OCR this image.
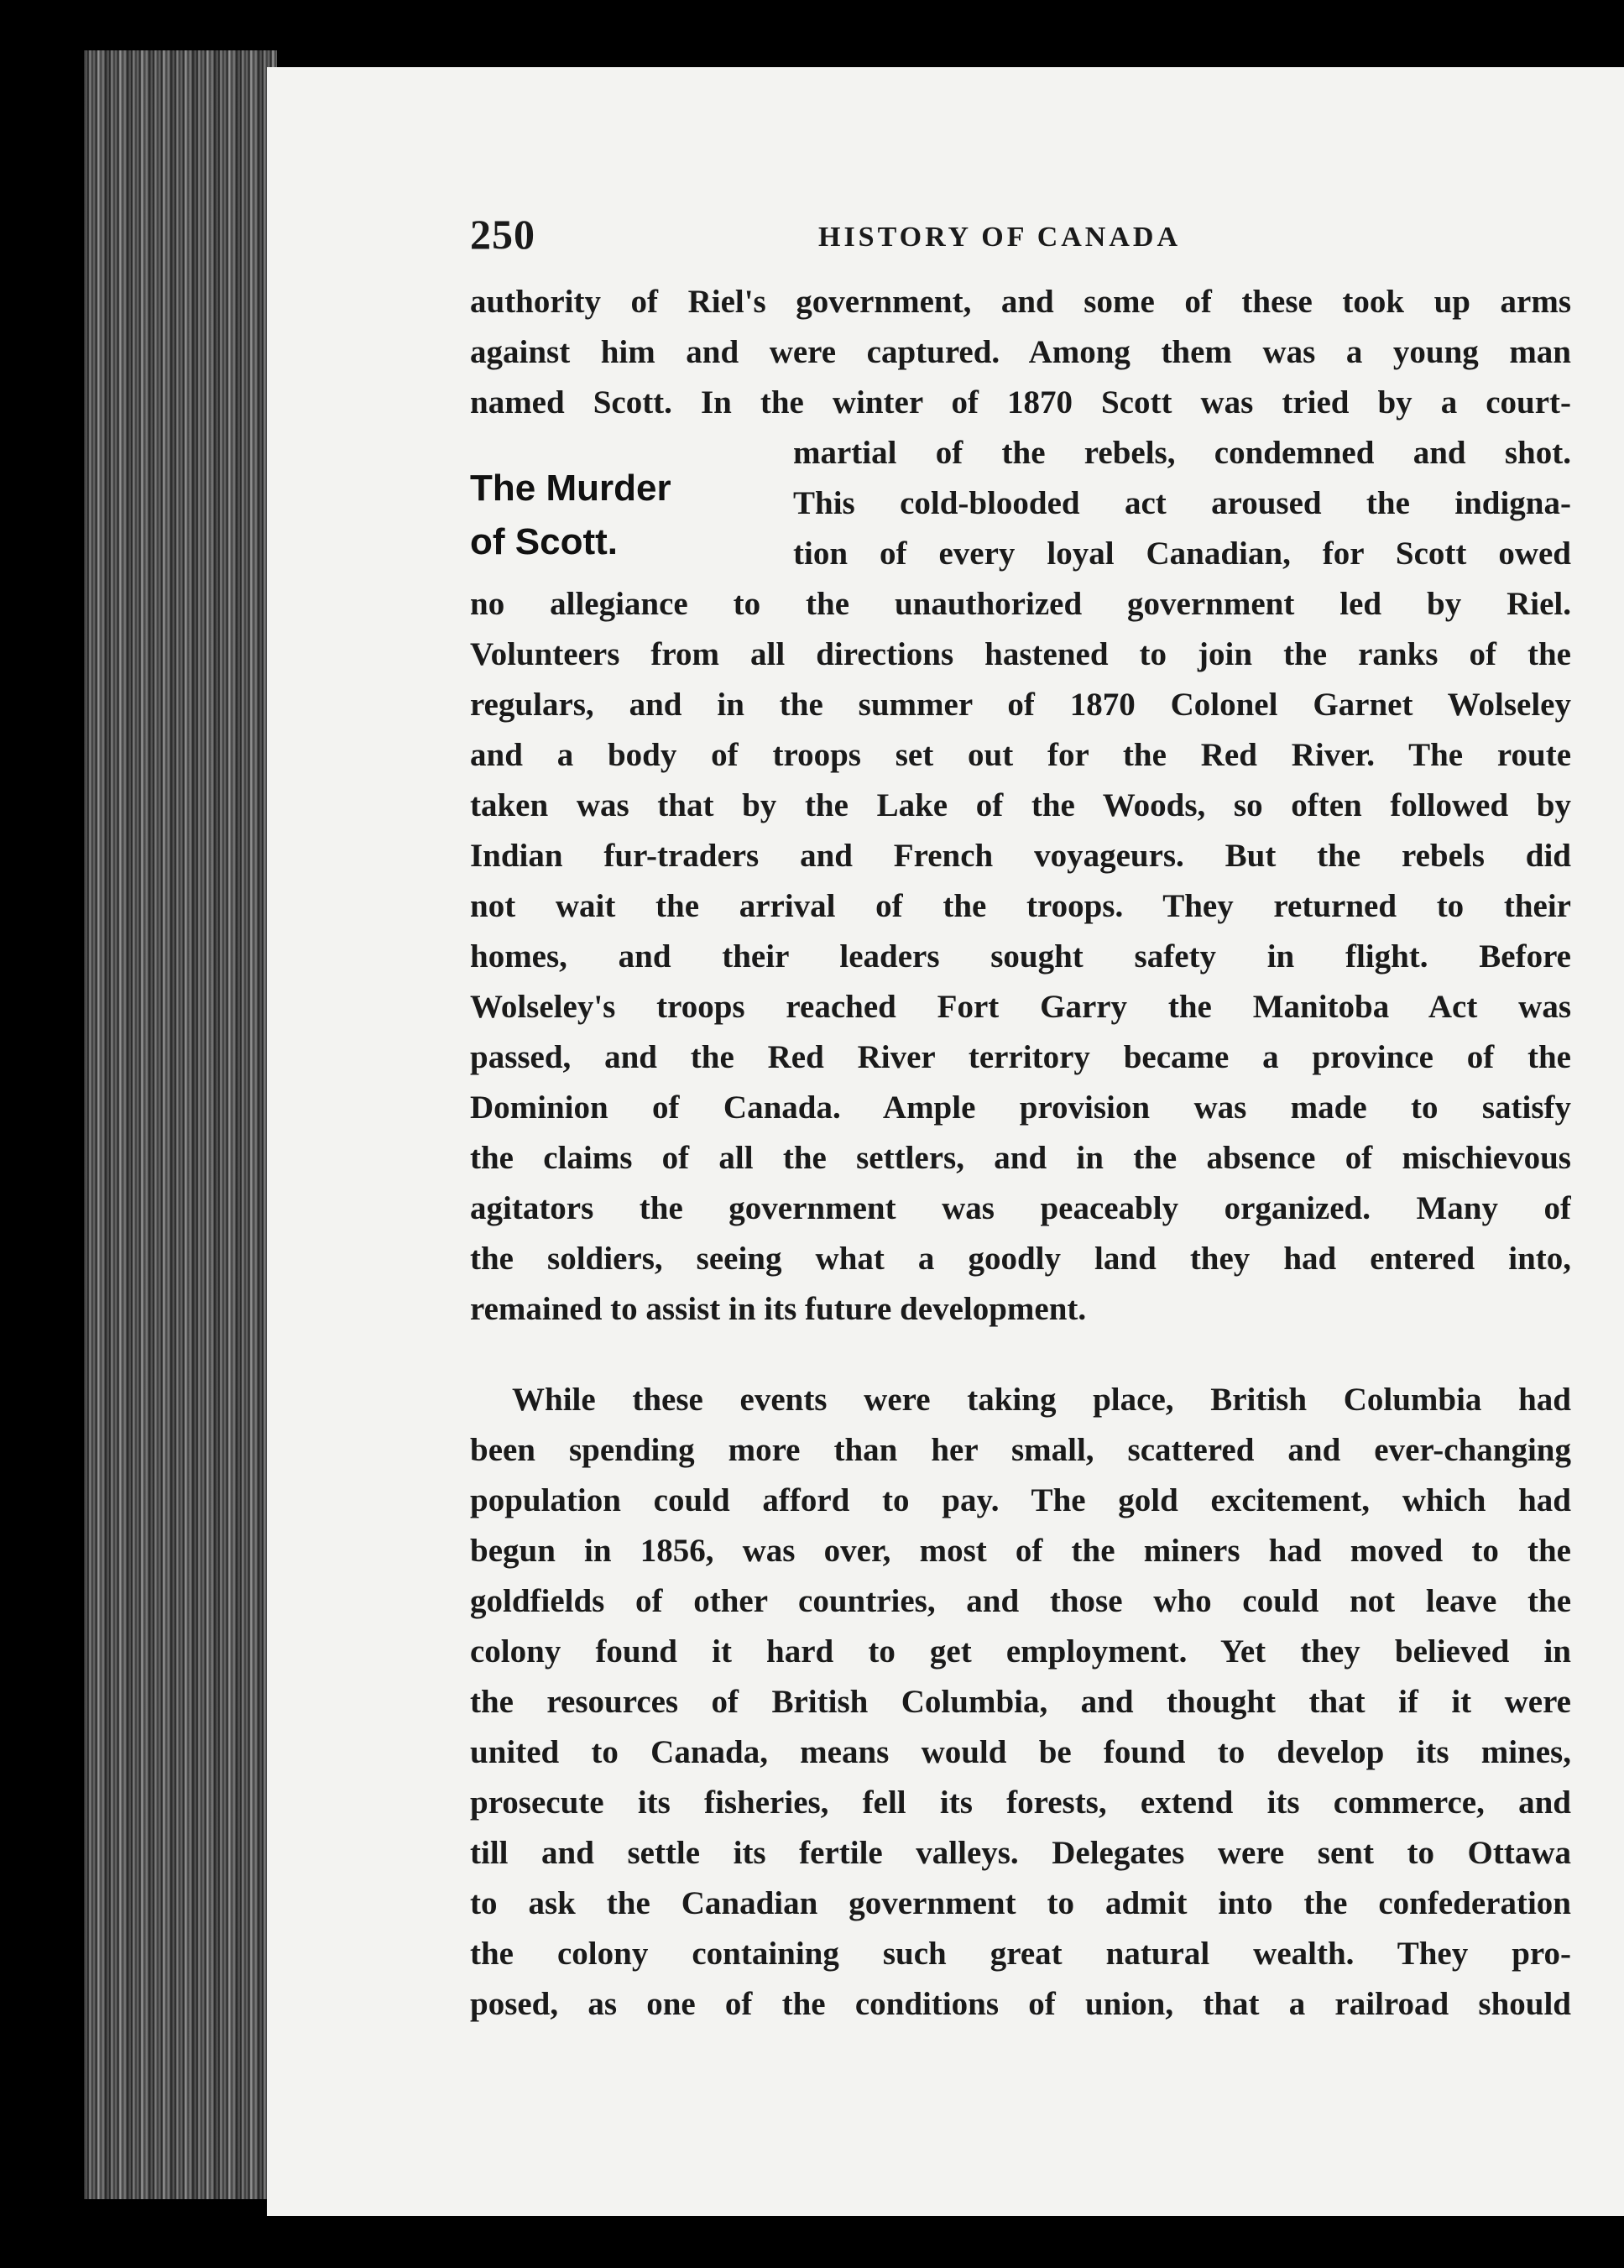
250	HISTORY OF CANADA
The Murder
of Scott.
authority of Riel's government, and some of these took up arms
against him and were captured. Among them was a young man
named Scott. In the winter of 1870 Scott was tried by a court-
martial of the rebels, condemned and shot.
This cold-blooded act aroused the indigna-
tion of every loyal Canadian, for Scott owed
no allegiance to the unauthorized government led by Riel.
Volunteers from all directions hastened to join the ranks of the
regulars, and in the summer of 1870 Colonel Garnet Wolseley
and a body of troops set out for the Red River. The route
taken was that by the Lake of the Woods, so often followed by
Indian fur-traders and French voyageurs. But the rebels did
not wait the arrival of the troops. They returned to their
homes, and their leaders sought safety in flight. Before
Wolseley's troops reached Fort Garry the Manitoba Act was
passed, and the Red River territory became a province of the
Dominion of Canada. Ample provision was made to satisfy
the claims of all the settlers, and in the absence of mischievous
agitators the government was peaceably organized. Many of
the soldiers, seeing what a goodly land they had entered into,
remained to assist in its future development.
While these events were taking place, British Columbia had
been spending more than her small, scattered and ever-changing
population could afford to pay. The gold excitement, which had
begun in 1856, was over, most of the miners had moved to the
goldfields of other countries, and those who could not leave the
colony found it hard to get employment. Yet they believed in
the resources of British Columbia, and thought that if it were
united to Canada, means would be found to develop its mines,
prosecute its fisheries, fell its forests, extend its commerce, and
till and settle its fertile valleys. Delegates were sent to Ottawa
to ask the Canadian government to admit into the confederation
the colony containing such great natural wealth. They pro-
posed, as one of the conditions of union, that a railroad should
